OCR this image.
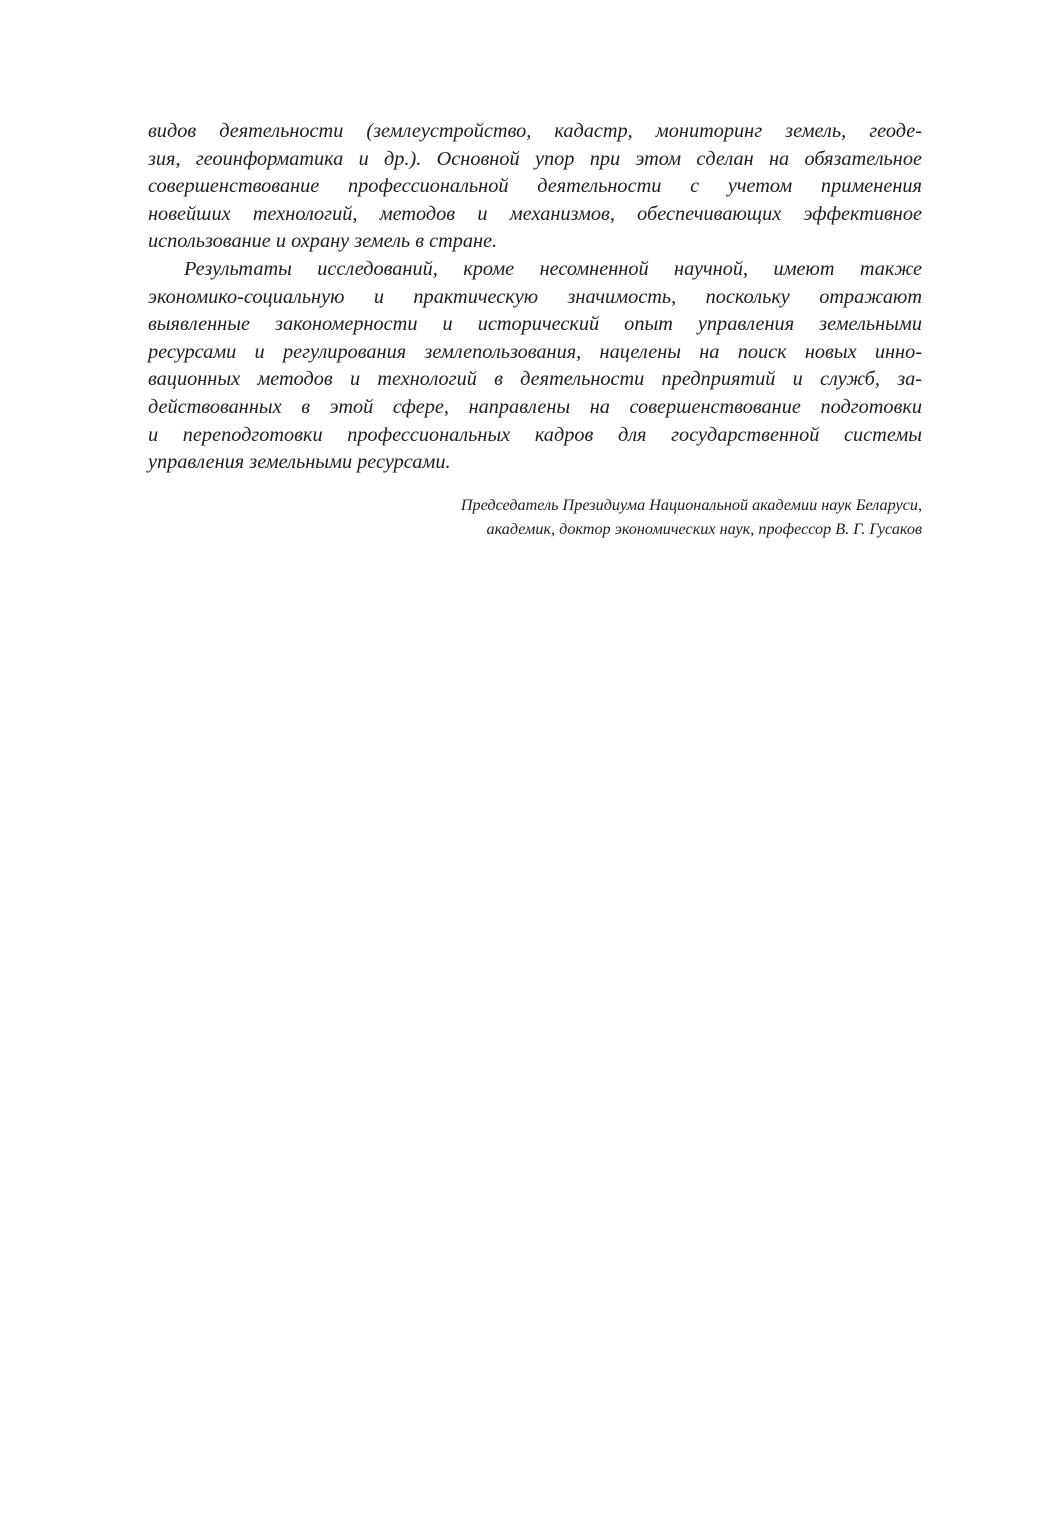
видов деятельности (землеустройство, кадастр, мониторинг земель, геоде-
зия, геоинформатика и др.). Основной упор при этом сделан на обязательное
совершенствование профессиональной деятельности с учетом применения
новейших технологий, методов и механизмов, обеспечивающих эффективное
использование и охрану земель в стране.
Результаты исследований, кроме несомненной научной, имеют также
экономико-социальную и практическую значимость, поскольку отражают
выявленные закономерности и исторический опыт управления земельными
ресурсами и регулирования землепользования, нацелены на поиск новых инно-
вационных методов и технологий в деятельности предприятий и служб, за-
действованных в этой сфере, направлены на совершенствование подготовки
и переподготовки профессиональных кадров для государственной системы
управления земельными ресурсами.
Председатель Президиума Национальной академии наук Беларуси,
академик, доктор экономических наук, профессор В. Г. Гусаков
